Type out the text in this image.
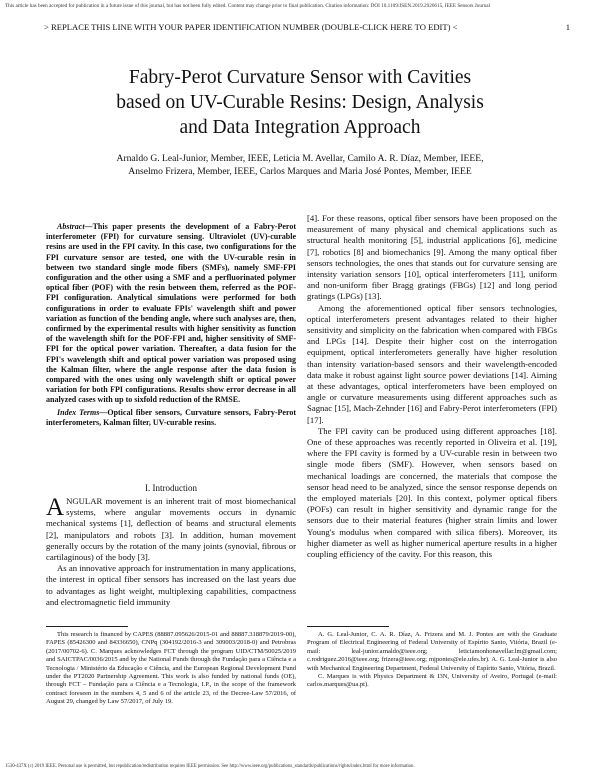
This article has been accepted for publication in a future issue of this journal, but has not been fully edited. Content may change prior to final publication. Citation information: DOI 10.1109/JSEN.2019.2926615, IEEE Sensors Journal
> REPLACE THIS LINE WITH YOUR PAPER IDENTIFICATION NUMBER (DOUBLE-CLICK HERE TO EDIT) <	1
Fabry-Perot Curvature Sensor with Cavities
based on UV-Curable Resins: Design, Analysis
and Data Integration Approach
Arnaldo G. Leal-Junior, Member, IEEE, Leticia M. Avellar, Camilo A. R. Díaz, Member, IEEE,
Anselmo Frizera, Member, IEEE, Carlos Marques and Maria José Pontes, Member, IEEE

Abstract—This paper presents the development of a Fabry-Perot interferometer (FPI) for curvature sensing. Ultraviolet (UV)-curable resins are used in the FPI cavity. In this case, two configurations for the FPI curvature sensor are tested, one with the UV-curable resin in between two standard single mode fibers (SMFs), namely SMF-FPI configuration and the other using a SMF and a perfluorinated polymer optical fiber (POF) with the resin between them, referred as the POF-FPI configuration. Analytical simulations were performed for both configurations in order to evaluate FPIs' wavelength shift and power variation as function of the bending angle, where such analyses are, then, confirmed by the experimental results with higher sensitivity as function of the wavelength shift for the POF-FPI and, higher sensitivity of SMF-FPI for the optical power variation. Thereafter, a data fusion for the FPI's wavelength shift and optical power variation was proposed using the Kalman filter, where the angle response after the data fusion is compared with the ones using only wavelength shift or optical power variation for both FPI configurations. Results show error decrease in all analyzed cases with up to sixfold reduction of the RMSE.

Index Terms—Optical fiber sensors, Curvature sensors, Fabry-Perot interferometers, Kalman filter, UV-curable resins.

I. Introduction

ANGULAR movement is an inherent trait of most biomechanical systems, where angular movements occurs in dynamic mechanical systems [1], deflection of beams and structural elements [2], manipulators and robots [3]. In addition, human movement generally occurs by the rotation of the many joints (synovial, fibrous or cartilaginous) of the body [3].

As an innovative approach for instrumentation in many applications, the interest in optical fiber sensors has increased on the last years due to advantages as light weight, multiplexing capabilities, compactness and electromagnetic field immunity

[4]. For these reasons, optical fiber sensors have been proposed on the measurement of many physical and chemical applications such as structural health monitoring [5], industrial applications [6], medicine [7], robotics [8] and biomechanics [9]. Among the many optical fiber sensors technologies, the ones that stands out for curvature sensing are intensity variation sensors [10], optical interferometers [11], uniform and non-uniform fiber Bragg gratings (FBGs) [12] and long period gratings (LPGs) [13].

Among the aforementioned optical fiber sensors technologies, optical interferometers present advantages related to their higher sensitivity and simplicity on the fabrication when compared with FBGs and LPGs [14]. Despite their higher cost on the interrogation equipment, optical interferometers generally have higher resolution than intensity variation-based sensors and their wavelength-encoded data make it robust against light source power deviations [14]. Aiming at these advantages, optical interferometers have been employed on angle or curvature measurements using different approaches such as Sagnac [15], Mach-Zehnder [16] and Fabry-Perot interferometers (FPI) [17].

The FPI cavity can be produced using different approaches [18]. One of these approaches was recently reported in Oliveira et al. [19], where the FPI cavity is formed by a UV-curable resin in between two single mode fibers (SMF). However, when sensors based on mechanical loadings are concerned, the materials that compose the sensor head need to be analyzed, since the sensor response depends on the employed materials [20]. In this context, polymer optical fibers (POFs) can result in higher sensitivity and dynamic range for the sensors due to their material features (higher strain limits and lower Young's modulus when compared with silica fibers). Moreover, its higher diameter as well as higher numerical aperture results in a higher coupling efficiency of the cavity. For this reason, this

This research is financed by CAPES (88887.095626/2015-01 and 88887.318879/2019-00), FAPES (85426300 and 84336650), CNPq (304192/2016-3 and 309003/2018-0) and Petrobras (2017/00702-6). C. Marques acknowledges FCT through the program UID/CTM/50025/2019 and SAICTPAC/0036/2015 and by the National Funds through the Fundação para a Ciência e a Tecnologia / Ministério da Educação e Ciência, and the European Regional Development Fund under the PT2020 Partnership Agreement. This work is also funded by national funds (OE), through FCT – Fundação para a Ciência e a Tecnologia, I.P., in the scope of the framework contract foreseen in the numbers 4, 5 and 6 of the article 23, of the Decree-Law 57/2016, of August 29, changed by Law 57/2017, of July 19.

A. G. Leal-Junior, C. A. R. Díaz, A. Frizera and M. J. Pontes are with the Graduate Program of Electrical Engineering of Federal University of Espírito Santo, Vitória, Brazil (e-mail: leal-junior.arnaldo@ieee.org; leticiamonhonavellar.lm@gmail.com; c.rodriguez.2016@ieee.org; frizera@ieee.org; mjpontes@ele.ufes.br). A. G. Leal-Junior is also with Mechanical Engineering Department, Federal University of Espírito Santo, Vitória, Brazil.

C. Marques is with Physics Department & I3N, University of Aveiro, Portugal (e-mail: carlos.marques@ua.pt).

1530-437X (c) 2019 IEEE. Personal use is permitted, but republication/redistribution requires IEEE permission. See http://www.ieee.org/publications_standards/publications/rights/index.html for more information.
